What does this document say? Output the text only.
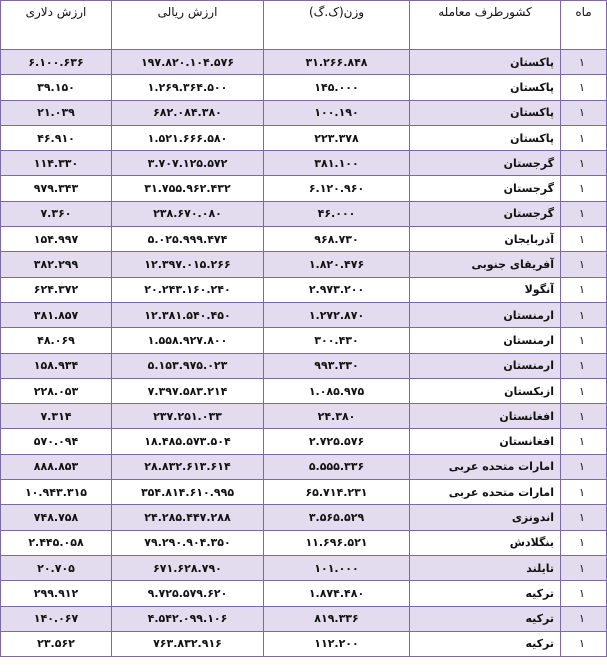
ماه	کشورطرف معامله	وزن(ک.گ)	ارزش ریالی	ارزش دلاری
۱	پاکستان	۳۱.۲۶۶.۸۴۸	۱۹۷.۸۲۰.۱۰۴.۵۷۶	۶.۱۰۰.۶۳۶
۱	پاکستان	۱۴۵.۰۰۰	۱.۲۶۹.۳۶۴.۵۰۰	۳۹.۱۵۰
۱	پاکستان	۱۰۰.۱۹۰	۶۸۲.۰۸۴.۳۸۰	۲۱.۰۳۹
۱	پاکستان	۲۲۳.۳۷۸	۱.۵۲۱.۶۶۶.۵۸۰	۴۶.۹۱۰
۱	گرجستان	۳۸۱.۱۰۰	۳.۷۰۷.۱۲۵.۵۷۲	۱۱۴.۳۳۰
۱	گرجستان	۶.۱۲۰.۹۶۰	۳۱.۷۵۵.۹۶۲.۴۳۲	۹۷۹.۳۴۳
۱	گرجستان	۴۶.۰۰۰	۲۳۸.۶۷۰.۰۸۰	۷.۳۶۰
۱	آذربایجان	۹۶۸.۷۳۰	۵.۰۲۵.۹۹۹.۴۷۴	۱۵۴.۹۹۷
۱	آفریقای جنوبی	۱.۸۲۰.۴۷۶	۱۲.۳۹۷.۰۱۵.۲۶۶	۳۸۲.۲۹۹
۱	آنگولا	۲.۹۷۳.۲۰۰	۲۰.۲۴۳.۱۶۰.۲۴۰	۶۲۴.۳۷۲
۱	ارمنستان	۱.۲۷۲.۸۷۰	۱۲.۳۸۱.۵۴۰.۴۵۰	۳۸۱.۸۵۷
۱	ارمنستان	۳۰۰.۴۳۰	۱.۵۵۸.۹۲۷.۸۰۰	۴۸.۰۶۹
۱	ارمنستان	۹۹۳.۳۳۰	۵.۱۵۳.۹۷۵.۰۲۳	۱۵۸.۹۳۴
۱	ازبکستان	۱.۰۸۵.۹۷۵	۷.۳۹۷.۵۸۳.۲۱۴	۲۲۸.۰۵۳
۱	افغانستان	۲۴.۳۸۰	۲۳۷.۲۵۱.۰۳۳	۷.۳۱۴
۱	افغانستان	۲.۷۲۵.۵۷۶	۱۸.۴۸۵.۵۷۳.۵۰۴	۵۷۰.۰۹۴
۱	امارات متحده عربی	۵.۵۵۵.۳۳۶	۲۸.۸۳۲.۶۱۳.۶۱۴	۸۸۸.۸۵۳
۱	امارات متحده عربی	۶۵.۷۱۴.۲۳۱	۳۵۴.۸۱۴.۶۱۰.۹۹۵	۱۰.۹۴۳.۳۱۵
۱	اندونزی	۳.۵۶۵.۵۲۹	۲۴.۲۸۵.۴۴۷.۲۸۸	۷۴۸.۷۵۸
۱	بنگلادش	۱۱.۶۹۶.۵۲۱	۷۹.۲۹۰.۹۰۴.۳۵۰	۲.۴۴۵.۰۵۸
۱	تایلند	۱۰۱.۰۰۰	۶۷۱.۶۲۸.۷۹۰	۲۰.۷۰۵
۱	ترکیه	۱.۸۷۴.۴۸۰	۹.۷۲۵.۵۷۹.۶۲۰	۲۹۹.۹۱۲
۱	ترکیه	۸۱۹.۳۳۶	۴.۵۴۲.۰۹۹.۱۰۶	۱۴۰.۰۶۷
۱	ترکیه	۱۱۲.۲۰۰	۷۶۳.۸۳۲.۹۱۶	۲۳.۵۶۲
